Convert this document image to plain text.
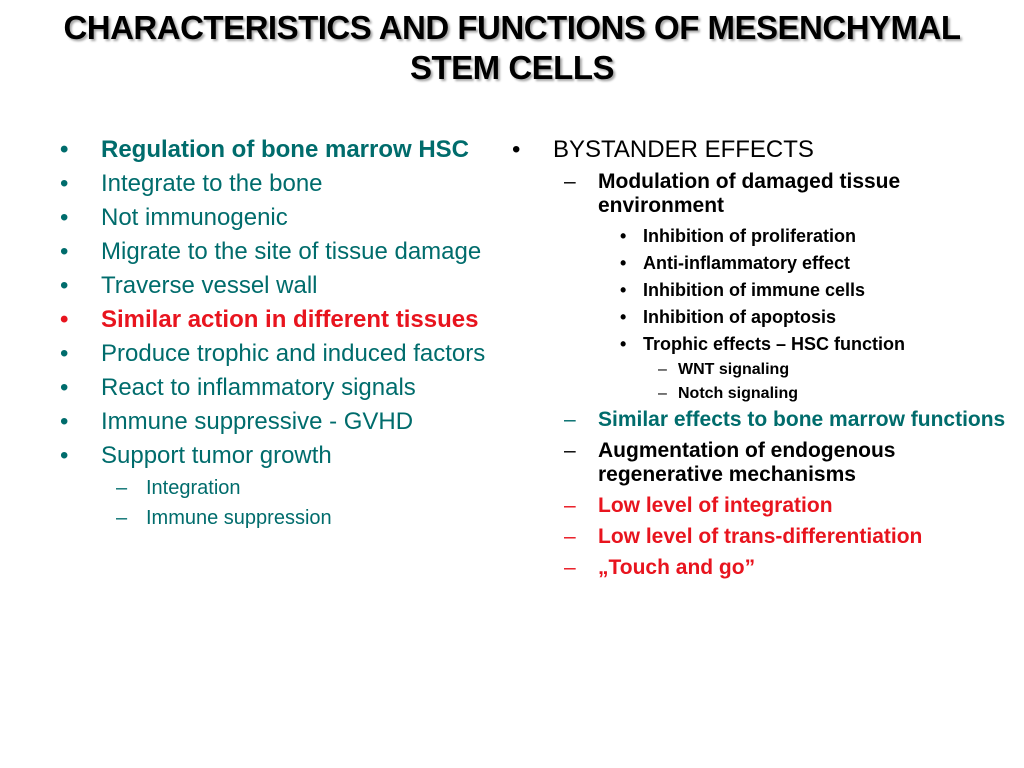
CHARACTERISTICS AND FUNCTIONS OF MESENCHYMAL
STEM CELLS
•	Regulation of bone marrow HSC
•	Integrate to the bone
•	Not immunogenic
•	Migrate to the site of tissue damage
•	Traverse vessel wall
•	Similar action in different tissues
•	Produce trophic and induced factors
•	React to inflammatory signals
•	Immune suppressive - GVHD
•	Support tumor growth
– Integration
– Immune suppression
•	BYSTANDER EFFECTS
– Modulation of damaged tissue environment
• Inhibition of proliferation
• Anti-inflammatory effect
• Inhibition of immune cells
• Inhibition of apoptosis
• Trophic effects – HSC function
– WNT signaling
– Notch signaling
– Similar effects to bone marrow functions
– Augmentation of endogenous regenerative mechanisms
– Low level of integration
– Low level of trans-differentiation
– „Touch and go”
